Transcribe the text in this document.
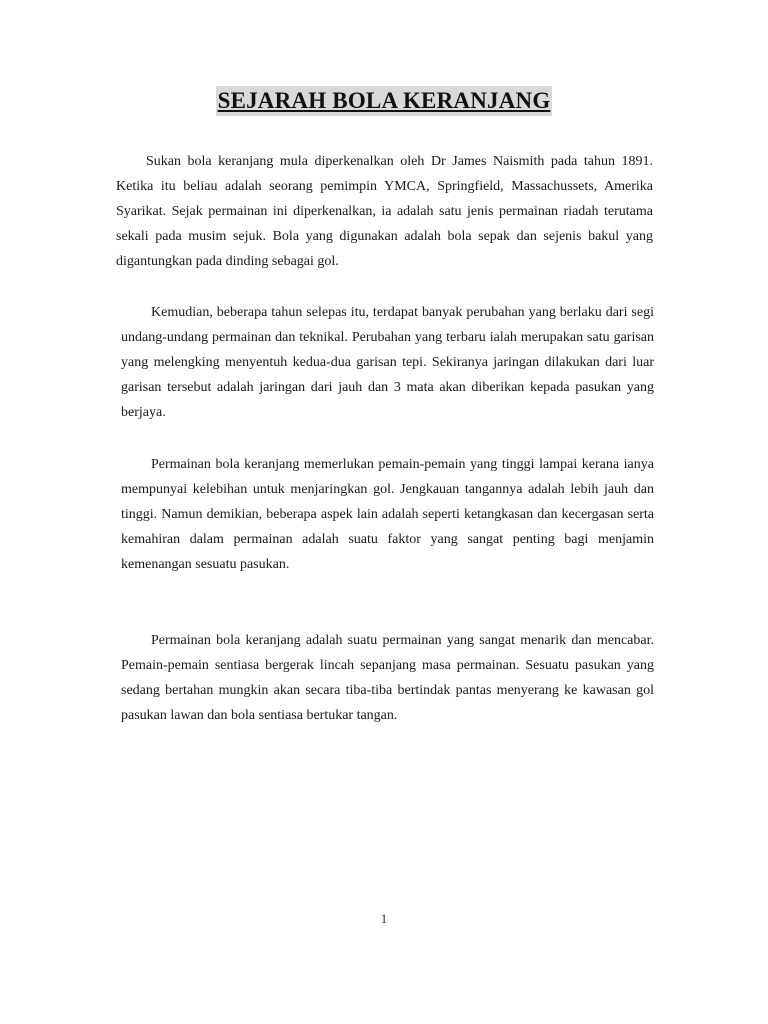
SEJARAH BOLA KERANJANG

Sukan bola keranjang mula diperkenalkan oleh Dr James Naismith pada tahun 1891. Ketika itu beliau adalah seorang pemimpin YMCA, Springfield, Massachussets, Amerika Syarikat. Sejak permainan ini diperkenalkan, ia adalah satu jenis permainan riadah terutama sekali pada musim sejuk. Bola yang digunakan adalah bola sepak dan sejenis bakul yang digantungkan pada dinding sebagai gol.

Kemudian, beberapa tahun selepas itu, terdapat banyak perubahan yang berlaku dari segi undang-undang permainan dan teknikal. Perubahan yang terbaru ialah merupakan satu garisan yang melengking menyentuh kedua-dua garisan tepi. Sekiranya jaringan dilakukan dari luar garisan tersebut adalah jaringan dari jauh dan 3 mata akan diberikan kepada pasukan yang berjaya.

Permainan bola keranjang memerlukan pemain-pemain yang tinggi lampai kerana ianya mempunyai kelebihan untuk menjaringkan gol. Jengkauan tangannya adalah lebih jauh dan tinggi. Namun demikian, beberapa aspek lain adalah seperti ketangkasan dan kecergasan serta kemahiran dalam permainan adalah suatu faktor yang sangat penting bagi menjamin kemenangan sesuatu pasukan.

Permainan bola keranjang adalah suatu permainan yang sangat menarik dan mencabar. Pemain-pemain sentiasa bergerak lincah sepanjang masa permainan. Sesuatu pasukan yang sedang bertahan mungkin akan secara tiba-tiba bertindak pantas menyerang ke kawasan gol pasukan lawan dan bola sentiasa bertukar tangan.

1
